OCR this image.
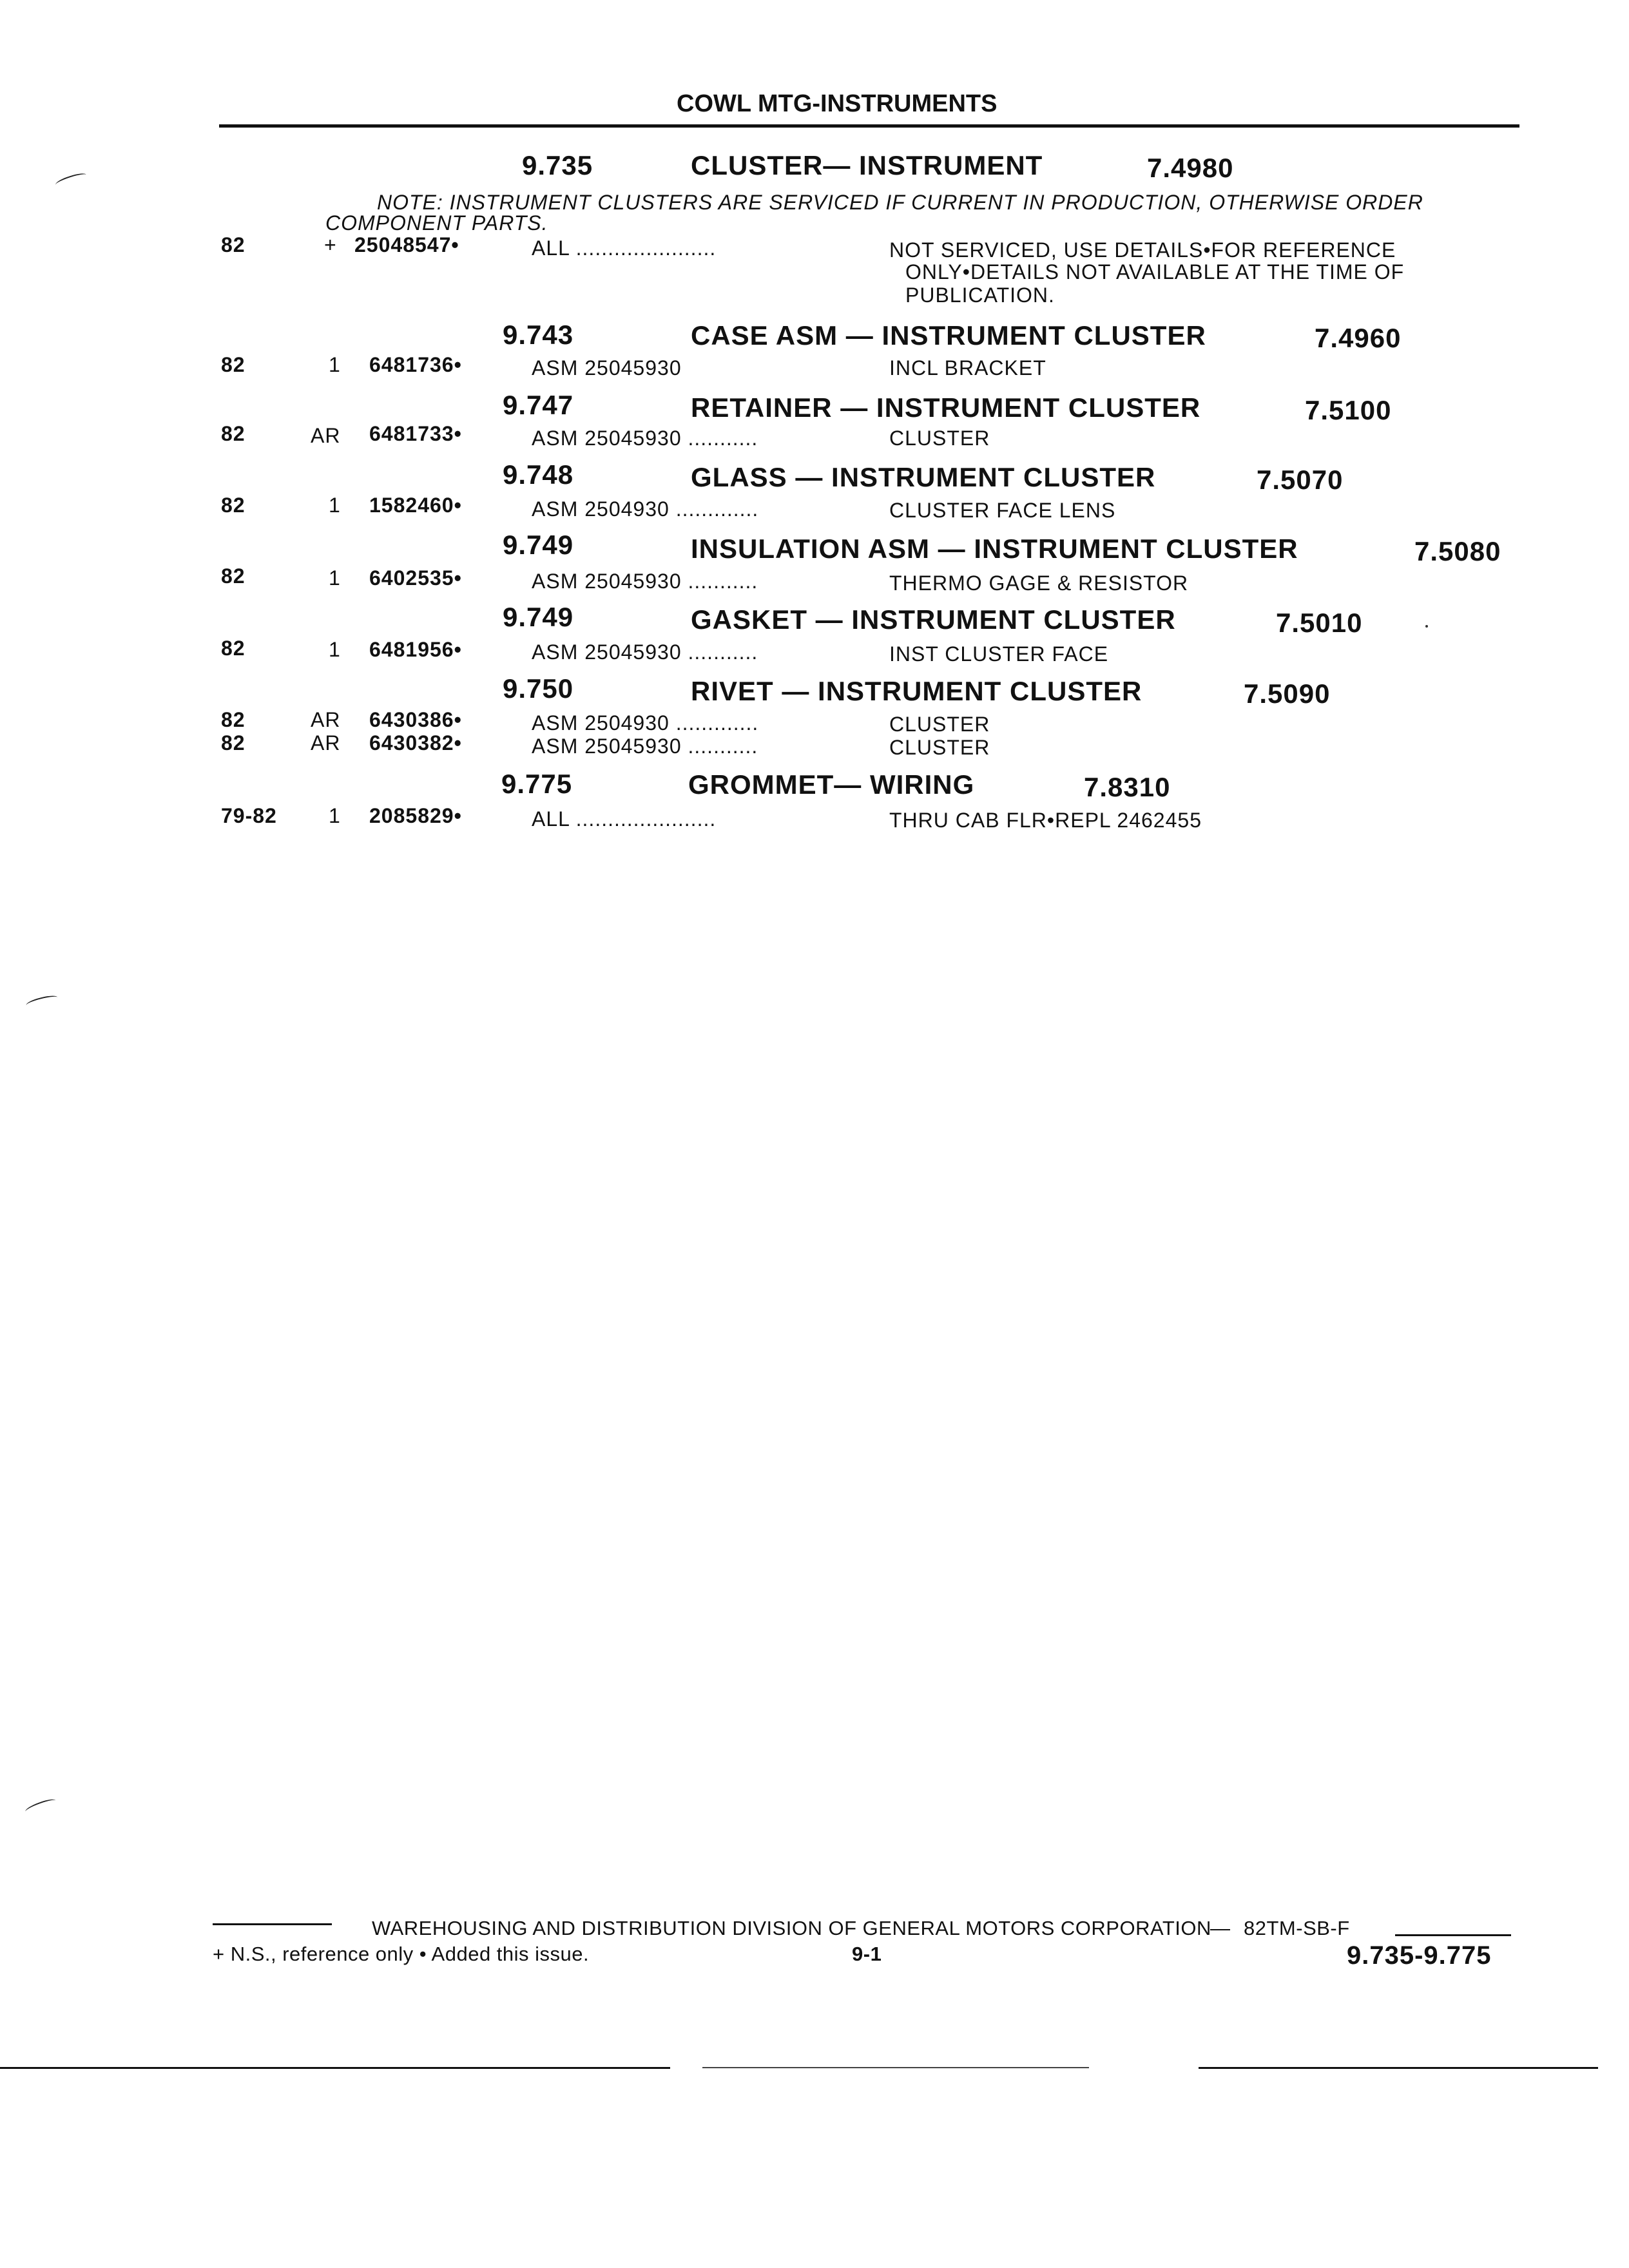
COWL MTG-INSTRUMENTS
9.735	CLUSTER— INSTRUMENT	7.4980
NOTE: INSTRUMENT CLUSTERS ARE SERVICED IF CURRENT IN PRODUCTION, OTHERWISE ORDER
COMPONENT PARTS.
82	+ 25048547•	ALL ......................	NOT SERVICED, USE DETAILS•FOR REFERENCE
ONLY•DETAILS NOT AVAILABLE AT THE TIME OF
PUBLICATION.
9.743	CASE ASM — INSTRUMENT CLUSTER	7.4960
82	1 6481736•	ASM 25045930	INCL BRACKET
9.747	RETAINER — INSTRUMENT CLUSTER	7.5100
82	AR 6481733•	ASM 25045930 ...........	CLUSTER
9.748	GLASS — INSTRUMENT CLUSTER	7.5070
82	1 1582460•	ASM 2504930 .............	CLUSTER FACE LENS
9.749	INSULATION ASM — INSTRUMENT CLUSTER	7.5080
82	1 6402535•	ASM 25045930 ...........	THERMO GAGE & RESISTOR
9.749	GASKET — INSTRUMENT CLUSTER	7.5010
82	1 6481956•	ASM 25045930 ...........	INST CLUSTER FACE
9.750	RIVET — INSTRUMENT CLUSTER	7.5090
82	AR 6430386•	ASM 2504930 .............	CLUSTER
82	AR 6430382•	ASM 25045930 ...........	CLUSTER
9.775	GROMMET— WIRING	7.8310
79-82	1 2085829•	ALL ......................	THRU CAB FLR•REPL 2462455
WAREHOUSING AND DISTRIBUTION DIVISION OF GENERAL MOTORS CORPORATION
— 82TM-SB-F
+ N.S., reference only • Added this issue.	9-1	9.735-9.775
